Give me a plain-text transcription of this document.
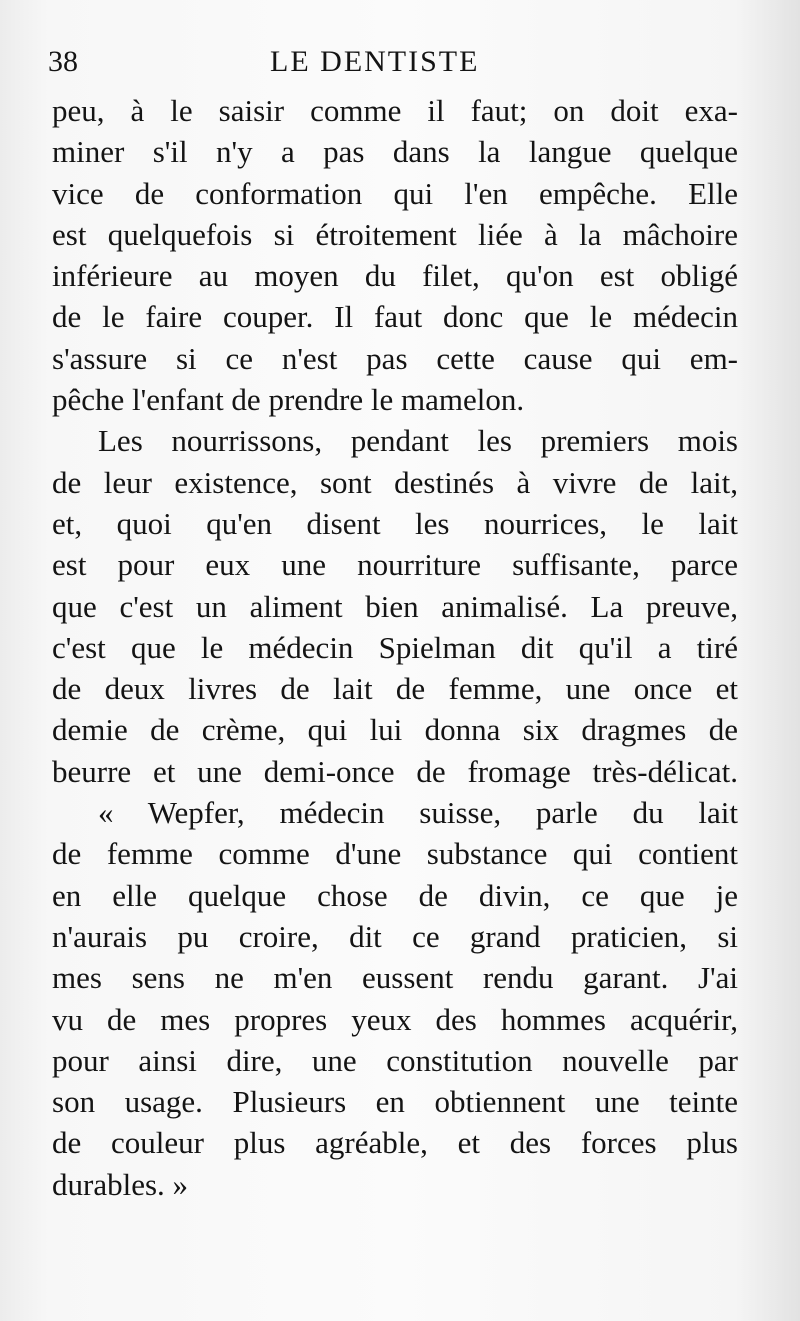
38	LE DENTISTE

peu, à le saisir comme il faut; on doit exa-
miner s'il n'y a pas dans la langue quelque
vice de conformation qui l'en empêche. Elle
est quelquefois si étroitement liée à la mâchoire
inférieure au moyen du filet, qu'on est obligé
de le faire couper. Il faut donc que le médecin
s'assure si ce n'est pas cette cause qui em-
pêche l'enfant de prendre le mamelon.

Les nourrissons, pendant les premiers mois
de leur existence, sont destinés à vivre de lait,
et, quoi qu'en disent les nourrices, le lait
est pour eux une nourriture suffisante, parce
que c'est un aliment bien animalisé. La preuve,
c'est que le médecin Spielman dit qu'il a tiré
de deux livres de lait de femme, une once et
demie de crème, qui lui donna six dragmes de
beurre et une demi-once de fromage très-délicat.

« Wepfer, médecin suisse, parle du lait
de femme comme d'une substance qui contient
en elle quelque chose de divin, ce que je
n'aurais pu croire, dit ce grand praticien, si
mes sens ne m'en eussent rendu garant. J'ai
vu de mes propres yeux des hommes acquérir,
pour ainsi dire, une constitution nouvelle par
son usage. Plusieurs en obtiennent une teinte
de couleur plus agréable, et des forces plus
durables. »
